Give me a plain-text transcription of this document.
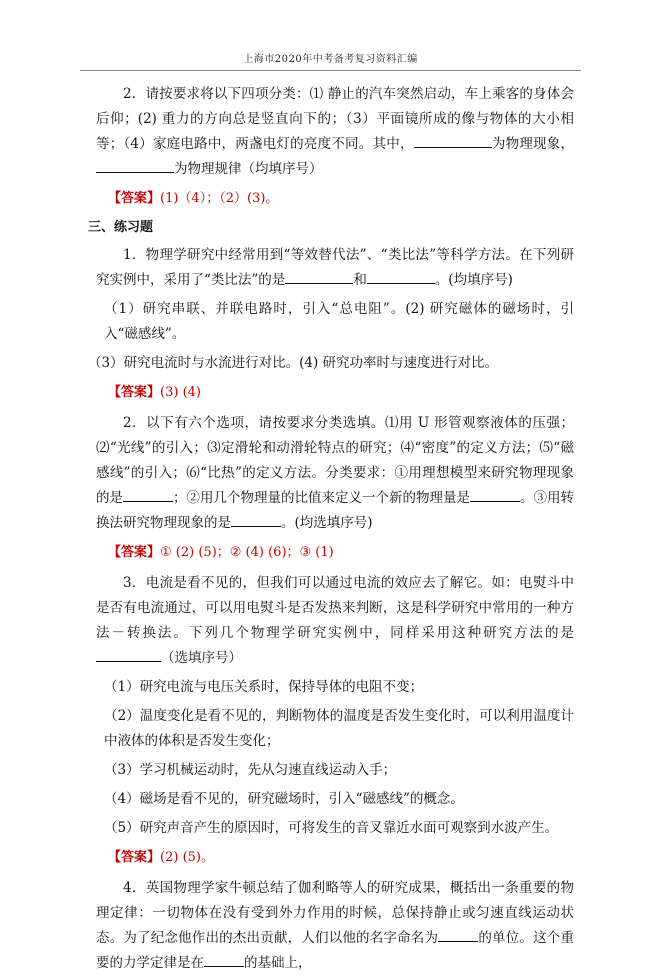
上海市2020年中考备考复习资料汇编
2．请按要求将以下四项分类：⑴ 静止的汽车突然启动，车上乘客的身体会后仰；(2) 重力的方向总是竖直向下的；（3）平面镜所成的像与物体的大小相等；（4）家庭电路中，两盏电灯的亮度不同。其中，	为物理现象，为物理规律（均填序号）
【答案】(1)（4）；（2）(3)。
三、练习题
1．物理学研究中经常用到“等效替代法”、“类比法”等科学方法。在下列研究实例中，采用了“类比法”的是	和	。(均填序号)
（1）研究串联、并联电路时，引入“总电阻”。(2) 研究磁体的磁场时，引入“磁感线”。
（3）研究电流时与水流进行对比。(4) 研究功率时与速度进行对比。
【答案】(3) (4)
2．以下有六个选项，请按要求分类选填。⑴用 U 形管观察液体的压强；⑵“光线”的引入；⑶定滑轮和动滑轮特点的研究；⑷“密度”的定义方法；⑸“磁感线”的引入；⑹“比热”的定义方法。分类要求：①用理想模型来研究物理现象的是	；②用几个物理量的比值来定义一个新的物理量是	。③用转换法研究物理现象的是	。(均选填序号)
【答案】① (2) (5)；② (4) (6)；③ (1)
3．电流是看不见的，但我们可以通过电流的效应去了解它。如：电熨斗中是否有电流通过，可以用电熨斗是否发热来判断，这是科学研究中常用的一种方法－转换法。下列几个物理学研究实例中，同样采用这种研究方法的是（选填序号）
（1）研究电流与电压关系时，保持导体的电阻不变；
（2）温度变化是看不见的，判断物体的温度是否发生变化时，可以利用温度计中液体的体积是否发生变化；
（3）学习机械运动时，先从匀速直线运动入手；
（4）磁场是看不见的，研究磁场时，引入“磁感线”的概念。
（5）研究声音产生的原因时，可将发生的音叉靠近水面可观察到水波产生。
【答案】(2) (5)。
4．英国物理学家牛顿总结了伽利略等人的研究成果，概括出一条重要的物理定律：一切物体在没有受到外力作用的时候，总保持静止或匀速直线运动状态。为了纪念他作出的杰出贡献，人们以他的名字命名为	的单位。这个重要的力学定律是在	的基础上，
